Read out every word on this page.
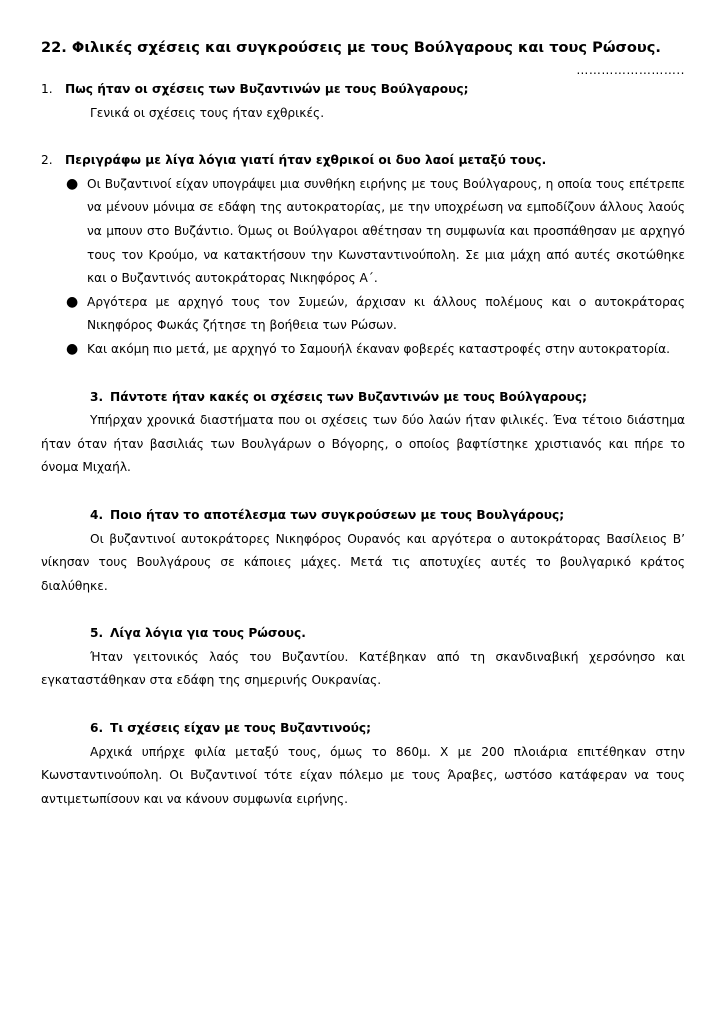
22. Φιλικές σχέσεις και συγκρούσεις με τους Βούλγαρους και τους Ρώσους.

……………………..

1. Πως ήταν οι σχέσεις των Βυζαντινών με τους Βούλγαρους;

Γενικά οι σχέσεις τους ήταν εχθρικές.

2. Περιγράφω με λίγα λόγια γιατί ήταν εχθρικοί οι δυο λαοί μεταξύ τους.

● Οι Βυζαντινοί είχαν υπογράψει μια συνθήκη ειρήνης με τους Βούλγαρους, η οποία τους επέτρεπε να μένουν μόνιμα σε εδάφη της αυτοκρατορίας, με την υποχρέωση να εμποδίζουν άλλους λαούς να μπουν στο Βυζάντιο. Όμως οι Βούλγαροι αθέτησαν τη συμφωνία και προσπάθησαν με αρχηγό τους τον Κρούμο, να κατακτήσουν την Κωνσταντινούπολη. Σε μια μάχη από αυτές σκοτώθηκε και ο Βυζαντινός αυτοκράτορας Νικηφόρος Α΄.
● Αργότερα με αρχηγό τους τον Συμεών, άρχισαν κι άλλους πολέμους και ο αυτοκράτορας Νικηφόρος Φωκάς ζήτησε τη βοήθεια των Ρώσων.
● Και ακόμη πιο μετά, με αρχηγό το Σαμουήλ έκαναν φοβερές καταστροφές στην αυτοκρατορία.

3. Πάντοτε ήταν κακές οι σχέσεις των Βυζαντινών με τους Βούλγαρους;

Υπήρχαν χρονικά διαστήματα που οι σχέσεις των δύο λαών ήταν φιλικές. Ένα τέτοιο διάστημα ήταν όταν ήταν βασιλιάς των Βουλγάρων ο Βόγορης, ο οποίος βαφτίστηκε χριστιανός και πήρε το όνομα Μιχαήλ.

4. Ποιο ήταν το αποτέλεσμα των συγκρούσεων με τους Βουλγάρους;

Οι βυζαντινοί αυτοκράτορες Νικηφόρος Ουρανός και αργότερα ο αυτοκράτορας Βασίλειος Β’ νίκησαν τους Βουλγάρους σε κάποιες μάχες. Μετά τις αποτυχίες αυτές το βουλγαρικό κράτος διαλύθηκε.

5. Λίγα λόγια για τους Ρώσους.

Ήταν γειτονικός λαός του Βυζαντίου. Κατέβηκαν από τη σκανδιναβική χερσόνησο και εγκαταστάθηκαν στα εδάφη της σημερινής Ουκρανίας.

6. Τι σχέσεις είχαν με τους Βυζαντινούς;

Αρχικά υπήρχε φιλία μεταξύ τους, όμως το 860μ. Χ με 200 πλοιάρια επιτέθηκαν στην Κωνσταντινούπολη. Οι Βυζαντινοί τότε είχαν πόλεμο με τους Άραβες, ωστόσο κατάφεραν να τους αντιμετωπίσουν και να κάνουν συμφωνία ειρήνης.
